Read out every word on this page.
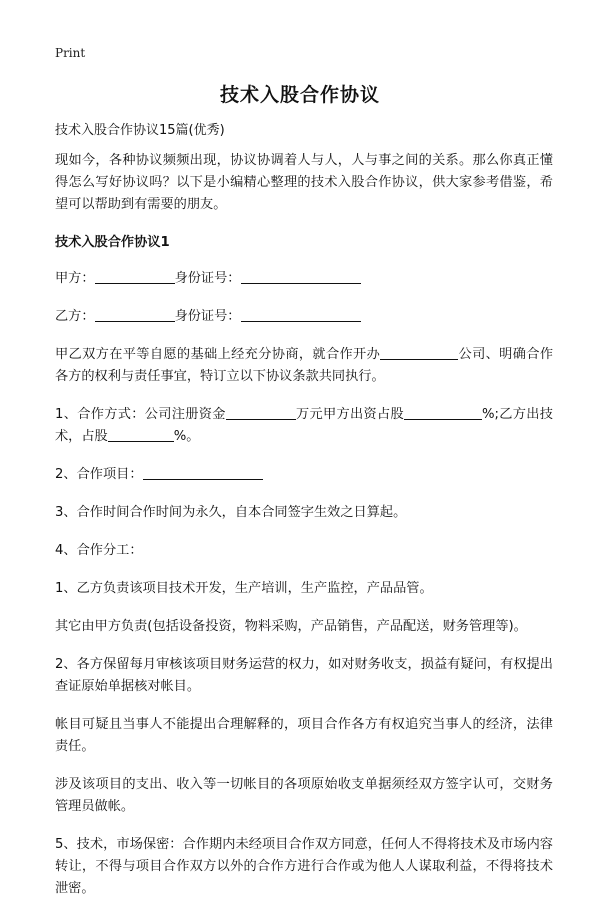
Print
技术入股合作协议

技术入股合作协议15篇(优秀)

现如今，各种协议频频出现，协议协调着人与人，人与事之间的关系。那么你真正懂得怎么写好协议吗？以下是小编精心整理的技术入股合作协议，供大家参考借鉴，希望可以帮助到有需要的朋友。

技术入股合作协议1

甲方：	身份证号：

乙方：	身份证号：

甲乙双方在平等自愿的基础上经充分协商，就合作开办	公司、明确合作各方的权利与责任事宜，特订立以下协议条款共同执行。

1、合作方式：公司注册资金	万元甲方出资占股	%;乙方出技术，占股	%。

2、合作项目：

3、合作时间合作时间为永久，自本合同签字生效之日算起。

4、合作分工：

1、乙方负责该项目技术开发，生产培训，生产监控，产品品管。

其它由甲方负责(包括设备投资，物料采购，产品销售，产品配送，财务管理等)。

2、各方保留每月审核该项目财务运营的权力，如对财务收支，损益有疑问，有权提出查证原始单据核对帐目。

帐目可疑且当事人不能提出合理解释的，项目合作各方有权追究当事人的经济，法律责任。

涉及该项目的支出、收入等一切帐目的各项原始收支单据须经双方签字认可，交财务管理员做帐。

5、技术，市场保密：合作期内未经项目合作双方同意，任何人不得将技术及市场内容转让，不得与项目合作双方以外的合作方进行合作或为他人人谋取利益，不得将技术泄密。
